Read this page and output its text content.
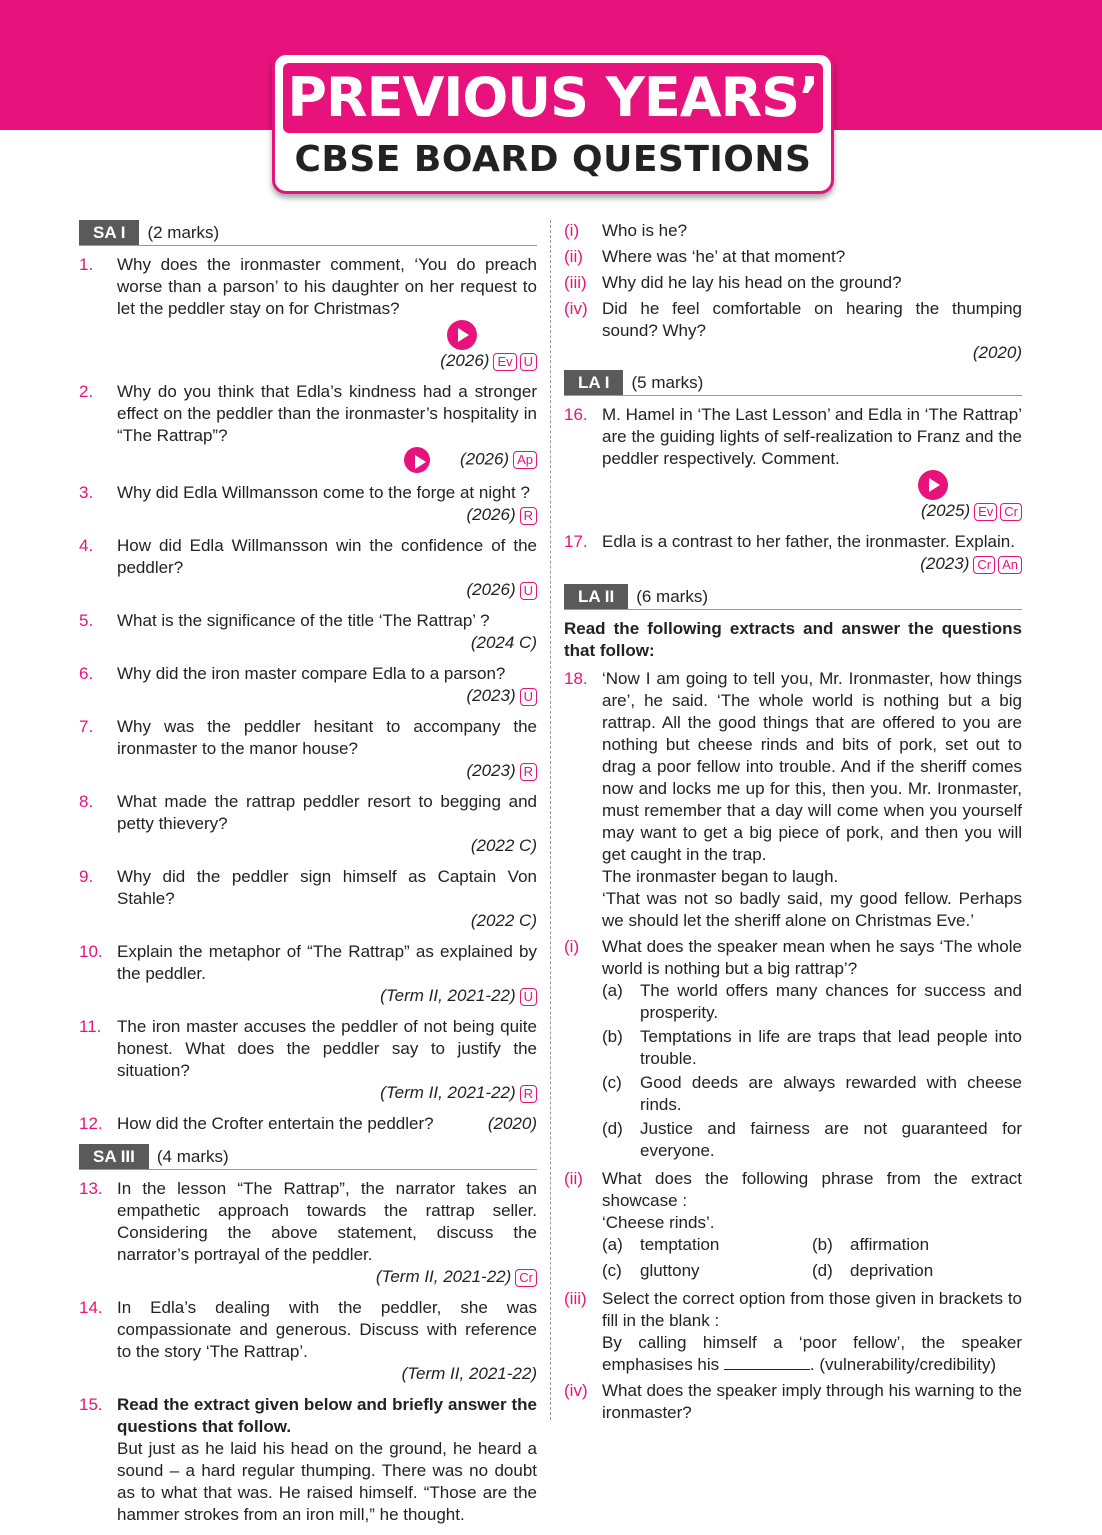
PREVIOUS YEARS’
CBSE BOARD QUESTIONS
SA I	(2 marks)
1.	Why does the ironmaster comment, ‘You do preach worse than a parson’ to his daughter on her request to let the peddler stay on for Christmas?

(2026) Ev U
2.	Why do you think that Edla’s kindness had a stronger effect on the peddler than the ironmaster’s hospitality in “The Rattrap”?

(2026) Ap
3.	Why did Edla Willmansson come to the forge at night ?
(2026) R
4.	How did Edla Willmansson win the confidence of the peddler?
(2026) U
5.	What is the significance of the title ‘The Rattrap’ ?
(2024 C)
6.	Why did the iron master compare Edla to a parson?
(2023) U
7.	Why was the peddler hesitant to accompany the ironmaster to the manor house?
(2023) R
8.	What made the rattrap peddler resort to begging and petty thievery?
(2022 C)
9.	Why did the peddler sign himself as Captain Von Stahle?
(2022 C)
10. Explain the metaphor of “The Rattrap” as explained by the peddler.
(Term II, 2021-22) U
11. The iron master accuses the peddler of not being quite honest. What does the peddler say to justify the situation?
(Term II, 2021-22) R
12. How did the Crofter entertain the peddler?	(2020)
SA III	(4 marks)
13. In the lesson “The Rattrap”, the narrator takes an empathetic approach towards the rattrap seller. Considering the above statement, discuss the narrator’s portrayal of the peddler.

(Term II, 2021-22) Cr
14. In Edla’s dealing with the peddler, she was compassionate and generous. Discuss with reference to the story ‘The Rattrap’.
(Term II, 2021-22)
15. Read the extract given below and briefly answer the questions that follow.

But just as he laid his head on the ground, he heard a sound – a hard regular thumping. There was no doubt as to what that was. He raised himself. “Those are the hammer strokes from an iron mill,” he thought.

(i)	Who is he?
(ii)	Where was ‘he’ at that moment?
(iii) Why did he lay his head on the ground?
(iv) Did he feel comfortable on hearing the thumping sound? Why?
(2020)
LA I	(5 marks)
16. M. Hamel in ‘The Last Lesson’ and Edla in ‘The Rattrap’ are the guiding lights of self-realization to Franz and the peddler respectively. Comment.

(2025) Ev Cr
17. Edla is a contrast to her father, the ironmaster. Explain.
(2023) Cr An
LA II	(6 marks)

Read the following extracts and answer the questions that follow:

18. ‘Now I am going to tell you, Mr. Ironmaster, how things are’, he said. ‘The whole world is nothing but a big rattrap. All the good things that are offered to you are nothing but cheese rinds and bits of pork, set out to drag a poor fellow into trouble. And if the sheriff comes now and locks me up for this, then you. Mr. Ironmaster, must remember that a day will come when you yourself may want to get a big piece of pork, and then you will get caught in the trap.

The ironmaster began to laugh.

‘That was not so badly said, my good fellow. Perhaps we should let the sheriff alone on Christmas Eve.’

(i)	What does the speaker mean when he says ‘The whole world is nothing but a big rattrap’?

(a)	The world offers many chances for success and prosperity.
(b)	Temptations in life are traps that lead people into trouble.
(c)	Good deeds are always rewarded with cheese rinds.
(d)	Justice and fairness are not guaranteed for everyone.
(ii)	What does the following phrase from the extract showcase :

‘Cheese rinds’.

(a)	temptation	(b)	affirmation
(c)	gluttony	(d)	deprivation
(iii) Select the correct option from those given in brackets to fill in the blank :

By calling himself a ‘poor fellow’, the speaker emphasises his	. (vulnerability/credibility)

(iv) What does the speaker imply through his warning to the ironmaster?
